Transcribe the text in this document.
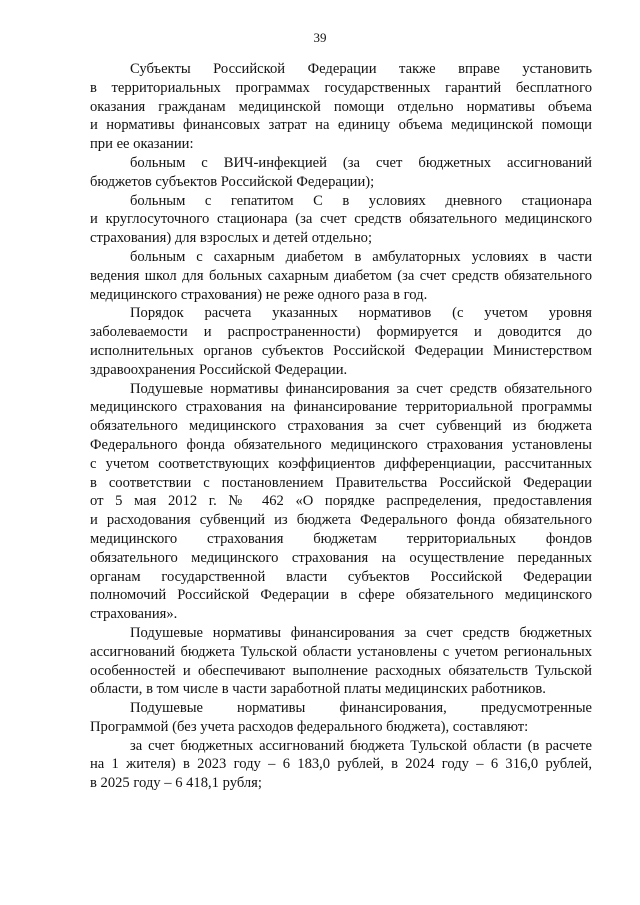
39
Субъекты Российской Федерации также вправе установить
в территориальных программах государственных гарантий бесплатного
оказания гражданам медицинской помощи отдельно нормативы объема
и нормативы финансовых затрат на единицу объема медицинской помощи
при ее оказании:
больным с ВИЧ-инфекцией (за счет бюджетных ассигнований
бюджетов субъектов Российской Федерации);
больным с гепатитом С в условиях дневного стационара
и круглосуточного стационара (за счет средств обязательного медицинского
страхования) для взрослых и детей отдельно;
больным с сахарным диабетом в амбулаторных условиях в части
ведения школ для больных сахарным диабетом (за счет средств обязательного
медицинского страхования) не реже одного раза в год.
Порядок расчета указанных нормативов (с учетом уровня
заболеваемости и распространенности) формируется и доводится до
исполнительных органов субъектов Российской Федерации Министерством
здравоохранения Российской Федерации.
Подушевые нормативы финансирования за счет средств обязательного
медицинского страхования на финансирование территориальной программы
обязательного медицинского страхования за счет субвенций из бюджета
Федерального фонда обязательного медицинского страхования установлены
с учетом соответствующих коэффициентов дифференциации, рассчитанных
в соответствии с постановлением Правительства Российской Федерации
от 5 мая 2012 г. № 462 «О порядке распределения, предоставления
и расходования субвенций из бюджета Федерального фонда обязательного
медицинского страхования бюджетам территориальных фондов
обязательного медицинского страхования на осуществление переданных
органам государственной власти субъектов Российской Федерации
полномочий Российской Федерации в сфере обязательного медицинского
страхования».
Подушевые нормативы финансирования за счет средств бюджетных
ассигнований бюджета Тульской области установлены с учетом региональных
особенностей и обеспечивают выполнение расходных обязательств Тульской
области, в том числе в части заработной платы медицинских работников.
Подушевые нормативы финансирования, предусмотренные
Программой (без учета расходов федерального бюджета), составляют:
за счет бюджетных ассигнований бюджета Тульской области (в расчете
на 1 жителя) в 2023 году – 6 183,0 рублей, в 2024 году – 6 316,0 рублей,
в 2025 году – 6 418,1 рубля;
